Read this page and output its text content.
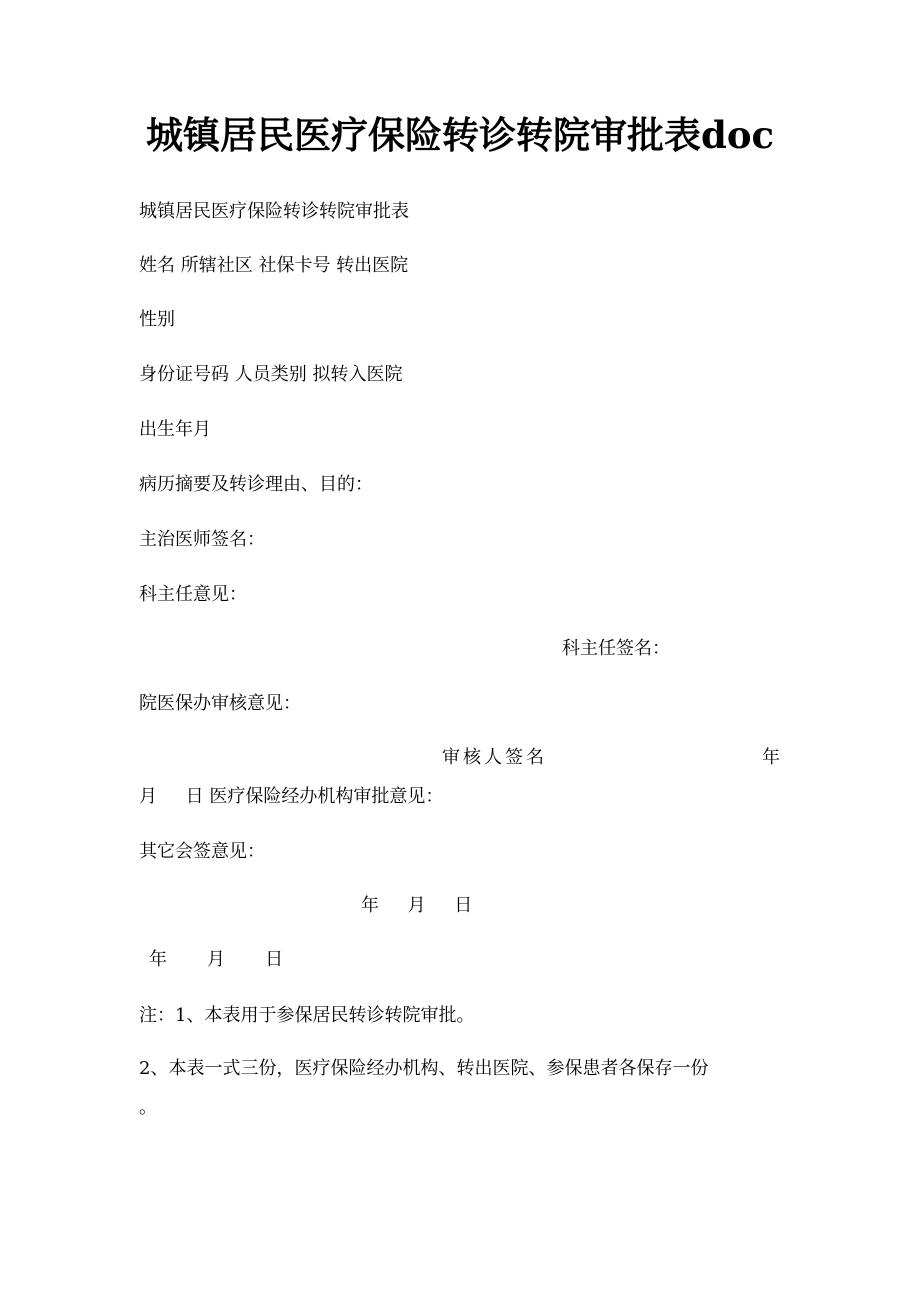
城镇居民医疗保险转诊转院审批表doc
城镇居民医疗保险转诊转院审批表
姓名 所辖社区 社保卡号 转出医院
性别
身份证号码 人员类别 拟转入医院
出生年月
病历摘要及转诊理由、目的：
主治医师签名：
科主任意见：
科主任签名：
院医保办审核意见：
审核人签名	年
月     日 医疗保险经办机构审批意见：
其它会签意见：
年     月     日
年       月       日
注：1、本表用于参保居民转诊转院审批。
2、本表一式三份，医疗保险经办机构、转出医院、参保患者各保存一份
。
